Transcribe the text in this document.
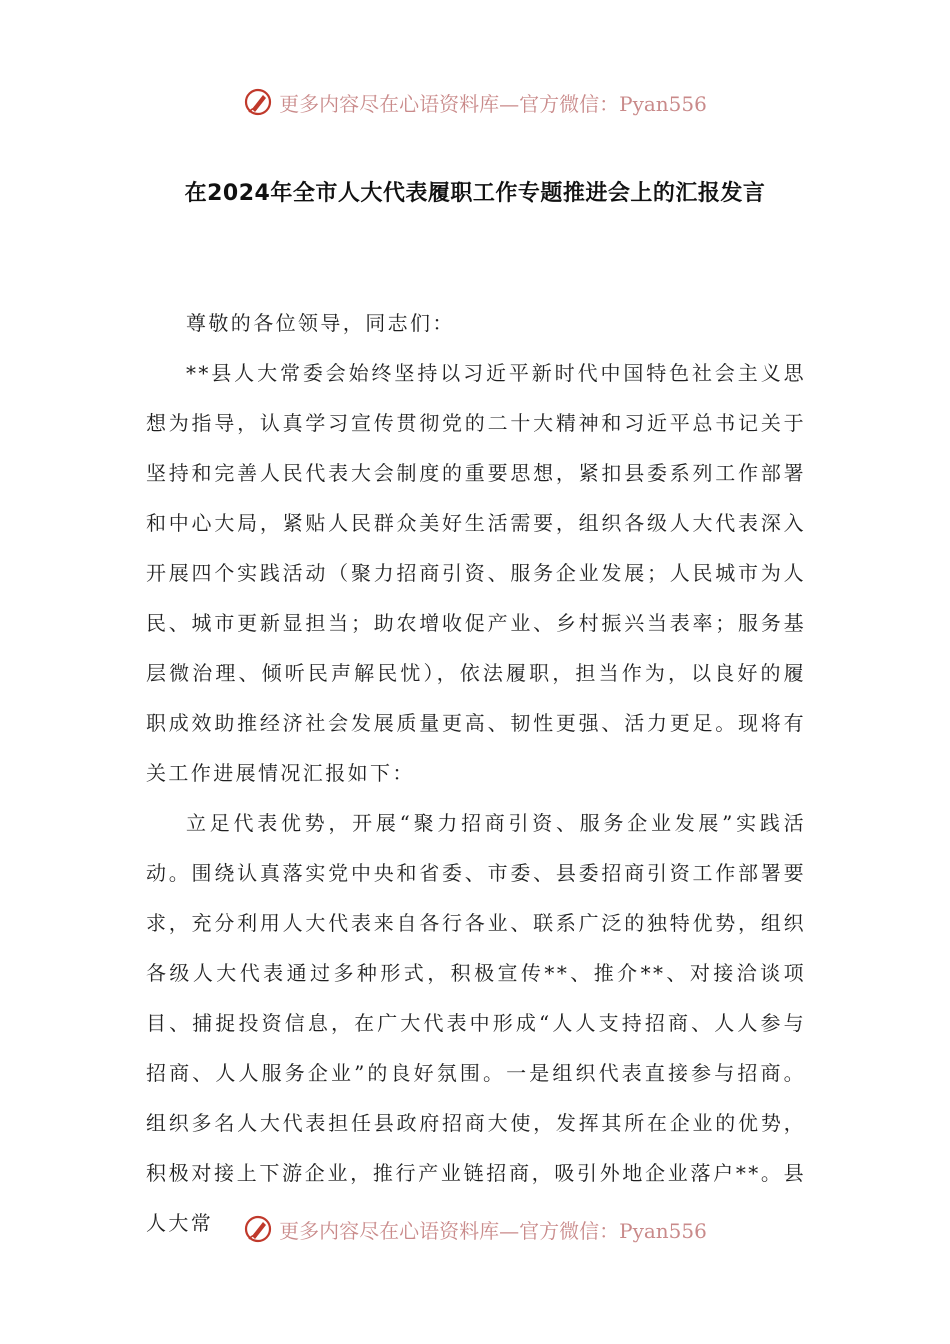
更多内容尽在心语资料库—官方微信：Pyan556
在2024年全市人大代表履职工作专题推进会上的汇报发言

尊敬的各位领导，同志们：

**县人大常委会始终坚持以习近平新时代中国特色社会主义思想为指导，认真学习宣传贯彻党的二十大精神和习近平总书记关于坚持和完善人民代表大会制度的重要思想，紧扣县委系列工作部署和中心大局，紧贴人民群众美好生活需要，组织各级人大代表深入开展四个实践活动（聚力招商引资、服务企业发展；人民城市为人民、城市更新显担当；助农增收促产业、乡村振兴当表率；服务基层微治理、倾听民声解民忧），依法履职，担当作为，以良好的履职成效助推经济社会发展质量更高、韧性更强、活力更足。现将有关工作进展情况汇报如下：

立足代表优势，开展“聚力招商引资、服务企业发展”实践活动。围绕认真落实党中央和省委、市委、县委招商引资工作部署要求，充分利用人大代表来自各行各业、联系广泛的独特优势，组织各级人大代表通过多种形式，积极宣传**、推介**、对接洽谈项目、捕捉投资信息，在广大代表中形成“人人支持招商、人人参与招商、人人服务企业”的良好氛围。一是组织代表直接参与招商。组织多名人大代表担任县政府招商大使，发挥其所在企业的优势，积极对接上下游企业，推行产业链招商，吸引外地企业落户**。县人大常	更多内容尽在心语资料库—官方微信：Pyan556
